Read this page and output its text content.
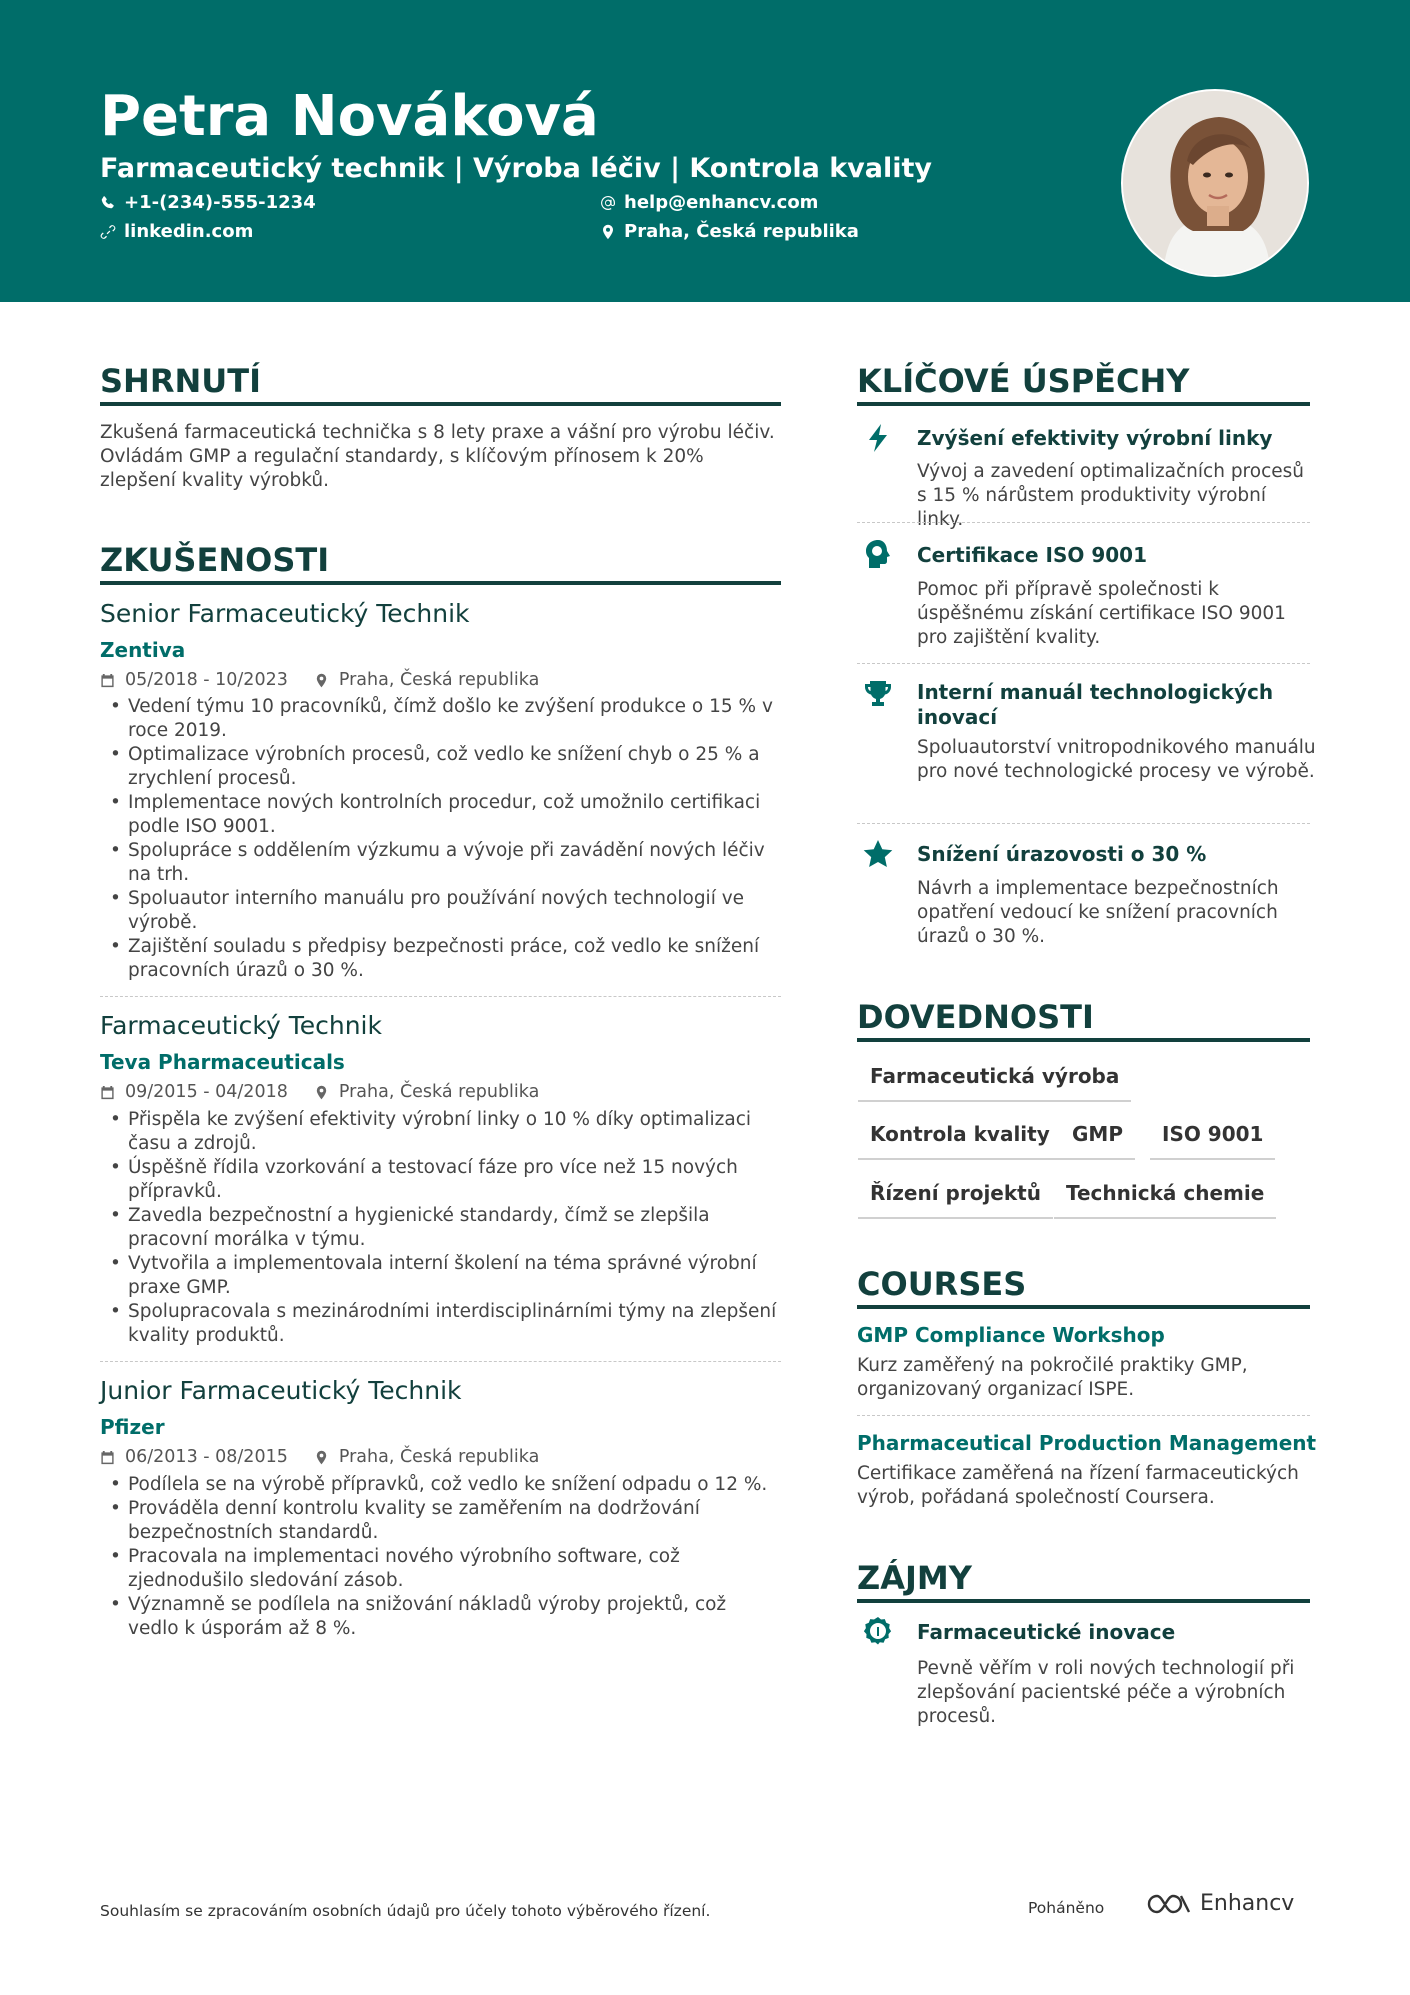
Petra Nováková
Farmaceutický technik | Výroba léčiv | Kontrola kvality
+1-(234)-555-1234	help@enhancv.com
linkedin.com	Praha, Česká republika
SHRNUTÍ
Zkušená farmaceutická technička s 8 lety praxe a vášní pro výrobu léčiv. Ovládám GMP a regulační standardy, s klíčovým přínosem k 20% zlepšení kvality výrobků.
ZKUŠENOSTI
Senior Farmaceutický Technik
Zentiva
05/2018 - 10/2023	Praha, Česká republika
• Vedení týmu 10 pracovníků, čímž došlo ke zvýšení produkce o 15 % v roce 2019.
• Optimalizace výrobních procesů, což vedlo ke snížení chyb o 25 % a zrychlení procesů.
• Implementace nových kontrolních procedur, což umožnilo certifikaci podle ISO 9001.
• Spolupráce s oddělením výzkumu a vývoje při zavádění nových léčiv na trh.
• Spoluautor interního manuálu pro používání nových technologií ve výrobě.
• Zajištění souladu s předpisy bezpečnosti práce, což vedlo ke snížení pracovních úrazů o 30 %.
Farmaceutický Technik
Teva Pharmaceuticals
09/2015 - 04/2018	Praha, Česká republika
• Přispěla ke zvýšení efektivity výrobní linky o 10 % díky optimalizaci času a zdrojů.
• Úspěšně řídila vzorkování a testovací fáze pro více než 15 nových přípravků.
• Zavedla bezpečnostní a hygienické standardy, čímž se zlepšila pracovní morálka v týmu.
• Vytvořila a implementovala interní školení na téma správné výrobní praxe GMP.
• Spolupracovala s mezinárodními interdisciplinárními týmy na zlepšení kvality produktů.
Junior Farmaceutický Technik
Pfizer
06/2013 - 08/2015	Praha, Česká republika
• Podílela se na výrobě přípravků, což vedlo ke snížení odpadu o 12 %.
• Prováděla denní kontrolu kvality se zaměřením na dodržování bezpečnostních standardů.
• Pracovala na implementaci nového výrobního software, což zjednodušilo sledování zásob.
• Významně se podílela na snižování nákladů výroby projektů, což vedlo k úsporám až 8 %.
KLÍČOVÉ ÚSPĚCHY
Zvýšení efektivity výrobní linky
Vývoj a zavedení optimalizačních procesů s 15 % nárůstem produktivity výrobní linky.
Certifikace ISO 9001
Pomoc při přípravě společnosti k úspěšnému získání certifikace ISO 9001 pro zajištění kvality.
Interní manuál technologických inovací
Spoluautorství vnitropodnikového manuálu pro nové technologické procesy ve výrobě.
Snížení úrazovosti o 30 %
Návrh a implementace bezpečnostních opatření vedoucí ke snížení pracovních úrazů o 30 %.
DOVEDNOSTI
Farmaceutická výroba
Kontrola kvality	GMP	ISO 9001
Řízení projektů	Technická chemie
COURSES
GMP Compliance Workshop
Kurz zaměřený na pokročilé praktiky GMP, organizovaný organizací ISPE.
Pharmaceutical Production Management
Certifikace zaměřená na řízení farmaceutických výrob, pořádaná společností Coursera.
ZÁJMY
Farmaceutické inovace
Pevně věřím v roli nových technologií při zlepšování pacientské péče a výrobních procesů.
Souhlasím se zpracováním osobních údajů pro účely tohoto výběrového řízení.	Poháněno	Enhancv
